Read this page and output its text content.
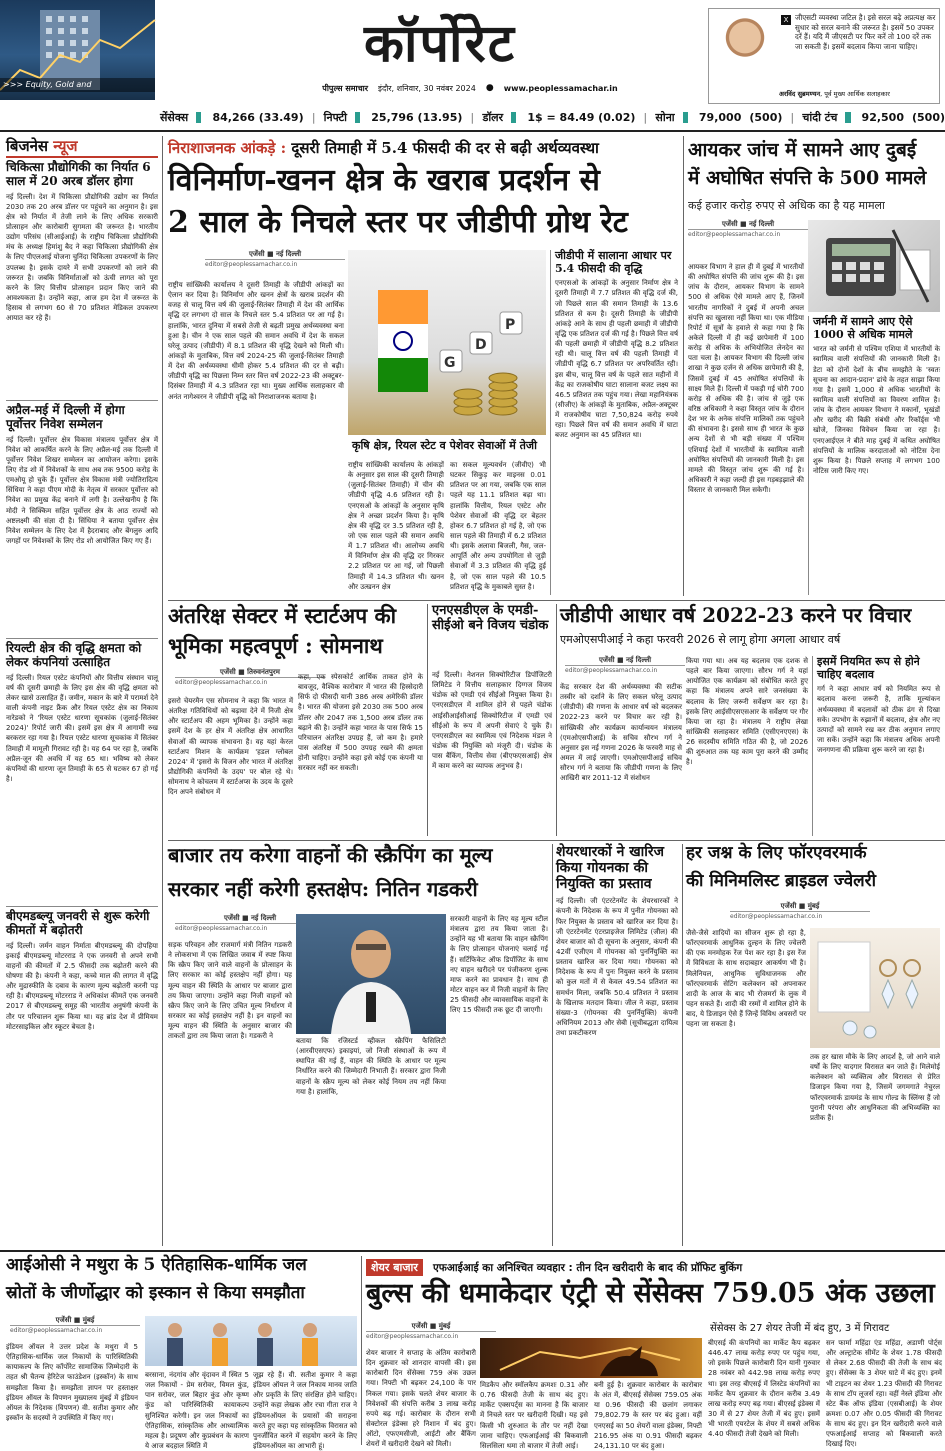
>>> Equity, Gold and
कॉर्पोरेट
पीपुल्स समाचार इंदौर, शनिवार, 30 नवंबर 2024 ● www.peoplessamachar.in
X जीएसटी व्यवस्था जटिल है। इसे सरल बढ़े अप्रत्यक्ष कर सुधार को सरल बनाने की जरूरत है। इसमें 50 उपकर दरें हैं। यदि मैं जीएसटी पर फिर करें तो 100 दरें तक जा सकती हैं। इसमें बदलाव किया जाना चाहिए।
अरविंद सुब्रमण्यन, पूर्व मुख्य आर्थिक सलाहकार
सेंसेक्स 84,266 (33.49) | निफ्टी 25,796 (13.95) | डॉलर 1$ = 84.49 (0.02) | सोना 79,000 (500) | चांदी टंच 92,500 (500)
बिजनेस न्यूज
चिकित्सा प्रौद्योगिकी का निर्यात 6 साल में 20 अरब डॉलर होगा
नई दिल्ली। देश में चिकित्सा प्रौद्योगिकी उद्योग का निर्यात 2030 तक 20 अरब डॉलर पर पहुंचने का अनुमान है। इस क्षेत्र को निर्यात में तेजी लाने के लिए अधिक सरकारी प्रोत्साहन और कारोबारी सुगमता की जरूरत है। भारतीय उद्योग परिसंघ (सीआईआई) के राष्ट्रीय चिकित्सा प्रौद्योगिकी मंच के अध्यक्ष हिमांशु बैद ने कहा चिकित्सा प्रौद्योगिकी क्षेत्र के लिए पीएलआई योजना चुनिंदा चिकित्सा उपकरणों के लिए उपलब्ध है। इसके दायरे में सभी उपकरणों को लाने की जरूरत है। जबकि विनिर्माताओं को ऊंची लागत को पूरा करने के लिए वित्तीय प्रोत्साहन प्रदान किए जाने की आवश्यकता है। उन्होंने कहा, आज हम देश में जरूरत के हिसाब से लगभग 60 से 70 प्रतिशत मेडिकल उपकरण आयात कर रहे हैं।
अप्रैल-मई में दिल्ली में होगा पूर्वोत्तर निवेश सम्मेलन
नई दिल्ली। पूर्वोत्तर क्षेत्र विकास मंत्रालय पूर्वोत्तर क्षेत्र में निवेश को आकर्षित करने के लिए अप्रैल-मई तक दिल्ली में पूर्वोत्तर निवेश शिखर सम्मेलन का आयोजन करेगा। इसके लिए रोड शो में निवेशकों के साथ अब तक 9500 करोड़ के एमओयू हो चुके हैं। पूर्वोत्तर क्षेत्र विकास मंत्री ज्योतिरादित्य सिंधिया ने कहा पीएम मोदी के नेतृत्व में सरकार पूर्वोत्तर को निवेश का प्रमुख केंद्र बनाने में लगी है। उल्लेखनीय है कि मोदी ने सिक्किम सहित पूर्वोत्तर क्षेत्र के आठ राज्यों को अष्टलक्ष्मी की संज्ञा दी है। सिंधिया ने बताया पूर्वोत्तर क्षेत्र निवेश सम्मेलन के लिए देश में हैदराबाद और बेंगलुरु आदि जगहों पर निवेशकों के लिए रोड शो आयोजित किए गए हैं।
रियल्टी क्षेत्र की वृद्धि क्षमता को लेकर कंपनियां उत्साहित
नई दिल्ली। रियल एस्टेट कंपनियों और वित्तीय संस्थान चालू वर्ष की दूसरी छमाही के लिए इस क्षेत्र की वृद्धि क्षमता को लेकर खासे उत्साहित हैं। जमीन, मकान के बारे में परामर्श देने वाली कंपनी नाइट फ्रैंक और रियल एस्टेट क्षेत्र का निकाय नारेडको ने 'रियल एस्टेट धारणा सूचकांक (जुलाई-सितंबर 2024)' रिपोर्ट जारी की। इसमें इस क्षेत्र में आगामी रुख बरकरार रहा गया है। रियल एस्टेट धारणा सूचकांक में सितंबर तिमाही में मामूली गिरावट रही है। यह 64 पर रहा है, जबकि अप्रैल-जून की अवधि में यह 65 था। भविष्य को लेकर कंपनियों की धारणा जून तिमाही के 65 से घटकर 67 हो गई है।
बीएमडब्ल्यू जनवरी से शुरू करेगी कीमतों में बढ़ोतरी
नई दिल्ली। जर्मन वाहन निर्माता बीएमडब्ल्यू की दोपहिया इकाई बीएमडब्ल्यू मोटरराड ने एक जनवरी से अपने सभी वाहनों की कीमतों में 2.5 फीसदी तक बढ़ोतरी करने की घोषणा की है। कंपनी ने कहा, कच्चे माल की लागत में वृद्धि और मुद्रास्फीति के दबाव के कारण मूल्य बढ़ोतरी करनी पड़ रही है। बीएमडब्ल्यू मोटरराड ने अधिकांश कीमतें एक जनवरी 2017 से बीएमडब्ल्यू समूह की भारतीय अनुषंगी कंपनी के तौर पर परिचालन शुरू किया था। यह ब्रांड देश में प्रीमियम मोटरसाइकिल और स्कूटर बेचता है।
निराशाजनक आंकड़े : दूसरी तिमाही में 5.4 फीसदी की दर से बढ़ी अर्थव्यवस्था
विनिर्माण-खनन क्षेत्र के खराब प्रदर्शन से
2 साल के निचले स्तर पर जीडीपी ग्रोथ रेट
एजेंसी ■ नई दिल्ली
editor@peoplessamachar.co.in
G
D
P
कृषि क्षेत्र, रियल स्टेट व पेशेवर सेवाओं में तेजी
जीडीपी में सालाना आधार पर 5.4 फीसदी की वृद्धि
एनएसओ के आंकड़ों के अनुसार निर्माण क्षेत्र ने दूसरी तिमाही में 7.7 प्रतिशत की वृद्धि दर्ज की, जो पिछले साल की समान तिमाही के 13.6 प्रतिशत से कम है। दूसरी तिमाही के जीडीपी आंकड़े आने के साथ ही पहली छमाही में जीडीपी वृद्धि एक प्रतिशत दर्ज की गई है। पिछले वित्त वर्ष की पहली छमाही में जीडीपी वृद्धि 8.2 प्रतिशत रही थी। चालू वित्त वर्ष की पहली तिमाही में जीडीपी वृद्धि 6.7 प्रतिशत पर अपरिवर्तित रही। इस बीच, चालू वित्त वर्ष के पहले सात महीनों में केंद्र का राजकोषीय घाटा सालाना बजट लक्ष्य का 46.5 प्रतिशत तक पहुंच गया। लेखा महानियंत्रक (सीजीए) के आंकड़ों के मुताबिक, अप्रैल-अक्टूबर में राजकोषीय घाटा 7,50,824 करोड़ रुपये रहा। पिछले वित्त वर्ष की समान अवधि में घाटा बजट अनुमान का 45 प्रतिशत था।
राष्ट्रीय सांख्यिकी कार्यालय ने दूसरी तिमाही के जीडीपी आंकड़ों का ऐलान कर दिया है। विनिर्माण और खनन क्षेत्रों के खराब प्रदर्शन की वजह से चालू वित्त वर्ष की जुलाई-सितंबर तिमाही में देश की आर्थिक वृद्धि दर लगभग दो साल के निचले स्तर 5.4 प्रतिशत पर आ गई है। हालांकि, भारत दुनिया में सबसे तेजी से बढ़ती प्रमुख अर्थव्यवस्था बना हुआ है। चीन ने एक साल पहले की समान अवधि में देश के सकल घरेलू उत्पाद (जीडीपी) में 8.1 प्रतिशत की वृद्धि देखने को मिली थी। आंकड़ों के मुताबिक, वित्त वर्ष 2024-25 की जुलाई-सितंबर तिमाही में देश की अर्थव्यवस्था धीमी होकर 5.4 प्रतिशत की दर से बढ़ी। जीडीपी वृद्धि का पिछला निम्न स्तर वित्त वर्ष 2022-23 की अक्टूबर-दिसंबर तिमाही में 4.3 प्रतिशत रहा था। मुख्य आर्थिक सलाहकार वी अनंत नागेश्वरन ने जीडीपी वृद्धि को निराशाजनक बताया है।
राष्ट्रीय सांख्यिकी कार्यालय के आंकड़ों के अनुसार इस साल की दूसरी तिमाही (जुलाई-सितंबर तिमाही) में चीन की जीडीपी वृद्धि 4.6 प्रतिशत रही है। एनएसओ के आंकड़ों के अनुसार कृषि क्षेत्र ने अच्छा प्रदर्शन किया है। कृषि क्षेत्र की वृद्धि दर 3.5 प्रतिशत रही है, जो एक साल पहले की समान अवधि में 1.7 प्रतिशत थी। आलोच्य अवधि में विनिर्माण क्षेत्र की वृद्धि दर गिरकर 2.2 प्रतिशत पर आ गई, जो पिछली तिमाही में 14.3 प्रतिशत थी। खनन और उत्खनन क्षेत्र
का सकल मूल्यवर्धन (जीवीए) भी घटकर सिकुड़ कर माइनस 0.01 प्रतिशत पर आ गया, जबकि एक साल पहले यह 11.1 प्रतिशत बढ़ा था। हालांकि वित्तीय, रियल एस्टेट और पेशेवर सेवाओं की वृद्धि दर बेहतर होकर 6.7 प्रतिशत हो गई है, जो एक साल पहले की तिमाही में 6.2 प्रतिशत थी। इसके अलावा बिजली, गैस, जल-आपूर्ति और अन्य उपयोगिता से जुड़ी सेवाओं में 3.3 प्रतिशत की वृद्धि हुई है, जो एक साल पहले की 10.5 प्रतिशत वृद्धि के मुकाबले सुस्त है।
आयकर जांच में सामने आए दुबई
में अघोषित संपत्ति के 500 मामले
कई हजार करोड़ रुपए से अधिक का है यह मामला
एजेंसी ■ नई दिल्ली
editor@peoplessamachar.co.in
आयकर विभाग ने हाल ही में दुबई में भारतीयों की अघोषित संपत्ति की जांच शुरू की है। इस जांच के दौरान, आयकर विभाग के सामने 500 से अधिक ऐसे मामले आए हैं, जिनमें भारतीय नागरिकों ने दुबई में अपनी अचल संपत्ति का खुलासा नहीं किया था। एक मीडिया रिपोर्ट में सूत्रों के हवाले से कहा गया है कि अकेले दिल्ली में ही कई छापेमारी में 100 करोड़ से अधिक के अभियोजित लेनदेन का पता चला है। आयकर विभाग की दिल्ली जांच शाखा ने कुछ दर्जन से अधिक छापेमारी की है, जिसमें दुबई में 45 अघोषित संपत्तियों के साक्ष्य मिले हैं। दिल्ली में पकड़ी गई चोरी 700 करोड़ से अधिक की है। जांच से जुड़े एक वरिष्ठ अधिकारी ने कहा विस्तृत जांच के दौरान देश भर के अनेक संपत्ति मालिकों तक पहुंचने की संभावना है। इससे साथ ही भारत के कुछ अन्य देशों से भी बड़ी संख्या में पश्चिम एशियाई देशों में भारतीयों के स्वामित्व वाली अघोषित संपत्तियों की जानकारी मिली है। इस मामले की विस्तृत जांच शुरू की गई है। अधिकारी ने कहा जल्दी ही इस गड़बड़झाले की विस्तार से जानकारी मिल सकेगी।
जर्मनी में सामने आए ऐसे 1000 से अधिक मामले
भारत को जर्मनी से पश्चिम एशिया में भारतीयों के स्वामित्व वाली संपत्तियों की जानकारी मिली है। डेटा को दोनों देशों के बीच समझौते के 'स्वतः सूचना का आदान-प्रदान' ढांचे के तहत साझा किया गया है। इसमें 1,000 से अधिक भारतीयों के स्वामित्व वाली संपत्तियों का विवरण शामिल है। जांच के दौरान आयकर विभाग ने मकानों, भूखंडों और खरीद की बिक्री संबंधी और रिकॉर्ड्स भी खोजे, जिनका विवेचन किया जा रहा है। एनएआईएल ने बीते माह दुबई में कथित अघोषित संपत्तियों के मालिक करदाताओं को नोटिस देना शुरू किया है। पिछले सप्ताह में लगभग 100 नोटिस जारी किए गए।
अंतरिक्ष सेक्टर में स्टार्टअप की
भूमिका महत्वपूर्ण : सोमनाथ
एजेंसी ■ तिरुवनंतपुरम
editor@peoplessamachar.co.in
इसरो चेयरमैन एस सोमनाथ ने कहा कि भारत में अंतरिक्ष गतिविधियों को बढ़ावा देने में निजी क्षेत्र और स्टार्टअप की अहम भूमिका है। उन्होंने कहा इसमें देश के हर क्षेत्र में अंतरिक्ष क्षेत्र आधारित सेवाओं की व्यापक संभावना है। वह यहां केरल स्टार्टअप मिशन के कार्यक्रम 'हडल ग्लोबल 2024' में 'इसरो के विजन और भारत में अंतरिक्ष प्रौद्योगिकी कंपनियों के उदय' पर बोल रहे थे। सोमनाथ ने कोचलम में स्टार्टअप्स के उदय के दूसरे दिन अपने संबोधन में
कहा, एक स्पेसकोर्ट आर्थिक ताकत होने के बावजूद, वैश्विक कारोबार में भारत की हिस्सेदारी सिर्फ दो फीसदी यानी 386 अरब अमेरिकी डॉलर है। भारत की योजना इसे 2030 तक 500 अरब डॉलर और 2047 तक 1,500 अरब डॉलर तक बढ़ाने की है। उन्होंने कहा भारत के पास सिर्फ 15 परिचालन अंतरिक्ष उपग्रह हैं, जो कम है। हमारे पास अंतरिक्ष में 500 उपग्रह रखने की क्षमता होनी चाहिए। उन्होंने कहा इसे कोई एक कंपनी या सरकार नहीं कर सकती।
एनएसडीएल के एमडी-सीईओ बने विजय चंडोक
नई दिल्ली। नेशनल सिक्योरिटीज डिपॉजिटरी लिमिटेड ने वित्तीय सलाहकार दिग्गज विजय चंडोक को एमडी एवं सीईओ नियुक्त किया है। एनएसडीएल में शामिल होने से पहले चंडोक आईसीआईसीआई सिक्योरिटीज में एमडी एवं सीईओ के रूप में अपनी सेवाएं दे चुके हैं। एनएसडीएल का स्वामित्व एवं निदेशक मंडल ने चंडोक की नियुक्ति को मंजूरी दी। चंडोक के पास बैंकिंग, वित्तीय सेवा (बीएफएसआई) क्षेत्र में काम करने का व्यापक अनुभव है।
जीडीपी आधार वर्ष 2022-23 करने पर विचार
एमओएसपीआई ने कहा फरवरी 2026 से लागू होगा अगला आधार वर्ष
एजेंसी ■ नई दिल्ली
editor@peoplessamachar.co.in
केंद्र सरकार देश की अर्थव्यवस्था की सटीक तस्वीर को दर्शाने के लिए सकल घरेलू उत्पाद (जीडीपी) की गणना के आधार वर्ष को बदलकर 2022-23 करने पर विचार कर रही है। सांख्यिकी और कार्यक्रम कार्यान्वयन मंत्रालय (एमओएसपीआई) के सचिव सौरभ गर्ग ने अनुसार इस नई गणना 2026 के फरवरी माह से अमल में लाई जाएगी। एमओएसपीआई सचिव सौरभ गर्ग ने बताया कि जीडीपी गणना के लिए आखिरी बार 2011-12 में संशोधन
किया गया था। अब यह बदलाव एक दशक से पहले बार किया जाएगा। सौरभ गर्ग ने यहां आयोजित एक कार्यक्रम को संबोधित करते हुए कहा कि मंत्रालय अपने सारे जनसंख्या के बदलाव के लिए जरूरी सर्वेक्षण कर रहा है। इसके लिए आईसीएसएसआर के सर्वेक्षण पर गौर किया जा रहा है। मंत्रालय ने राष्ट्रीय लेखा सांख्यिकी सलाहकार समिति (एसीएनएएस) के 26 सदस्यीय समिति गठित की है, जो 2026 की शुरुआत तक यह काम पूरा करने की उम्मीद है।
इसमें नियमित रूप से होने चाहिए बदलाव
गर्ग ने कहा आधार वर्ष को नियमित रूप से बदलाव करना जरूरी है, ताकि मूल्यांकन अर्थव्यवस्था में बदलावों को ठीक ढंग से दिखा सके। उपभोग के रुझानों में बदलाव, क्षेत्र और नए उत्पादों को सामने रख कर ठीक अनुमान लगाए जा सकें। उन्होंने कहा कि मंत्रालय अधिक अपनी जनगणना की प्रक्रिया शुरू करने जा रहा है।
बाजार तय करेगा वाहनों की स्क्रैपिंग का मूल्य
सरकार नहीं करेगी हस्तक्षेप: नितिन गडकरी
एजेंसी ■ नई दिल्ली
editor@peoplessamachar.co.in
सड़क परिवहन और राजमार्ग मंत्री नितिन गडकरी ने लोकसभा में एक लिखित जवाब में स्पष्ट किया कि स्क्रैप किए जाने वाले वाहनों के प्रोत्साहन के लिए सरकार का कोई हस्तक्षेप नहीं होगा। यह मूल्य वाहन की स्थिति के आधार पर बाजार द्वारा तय किया जाएगा। उन्होंने कहा निजी वाहनों को स्क्रैप किए जाने के लिए उचित मूल्य निर्धारण में सरकार का कोई हस्तक्षेप नहीं है। इन वाहनों का मूल्य वाहन की स्थिति के अनुसार बाजार की ताकतों द्वारा तय किया जाता है। गडकरी ने
बताया कि रजिस्टर्ड व्हीकल स्क्रैपिंग फैसिलिटी (आरवीएसएफ) इकाइयां, जो निजी संस्थाओं के रूप में स्थापित की गई हैं, वाहन की स्थिति के आधार पर मूल्य निर्धारित करने की जिम्मेदारी निभाती हैं। सरकार द्वारा निजी वाहनों के स्क्रैप मूल्य को लेकर कोई नियम तय नहीं किया गया है। हालांकि,
सरकारी वाहनों के लिए यह मूल्य स्टील मंत्रालय द्वारा तय किया जाता है। उन्होंने यह भी बताया कि वाहन स्क्रैपिंग के लिए प्रोत्साहन योजनाएं चलाई गई हैं। सर्टिफिकेट ऑफ डिपॉजिट के साथ नए वाहन खरीदने पर पंजीकरण शुल्क माफ करने का प्रावधान है। साथ ही मोटर वाहन कर में निजी वाहनों के लिए 25 फीसदी और व्यावसायिक वाहनों के लिए 15 फीसदी तक छूट दी जाएगी।
शेयरधारकों ने खारिज किया गोयनका की नियुक्ति का प्रस्ताव
नई दिल्ली। जी एंटरटेनमेंट के शेयरधारकों ने कंपनी के निदेशक के रूप में पुनीत गोयनका को फिर नियुक्त के प्रस्ताव को खारिज कर दिया है। जी एंटरटेनमेंट एंटरप्राइजेज लिमिटेड (जील) की शेयर बाजार को दी सूचना के अनुसार, कंपनी की 42वीं एजीएम में गोयनका को पुनर्नियुक्ति का प्रस्ताव खारिज कर दिया गया। गोयनका को निदेशक के रूप में पुनः नियुक्त करने के प्रस्ताव को कुल मतों में से केवल 49.54 प्रतिशत का समर्थन मिला, जबकि 50.4 प्रतिशत ने प्रस्ताव के खिलाफ मतदान किया। जील ने कहा, प्रस्ताव संख्या-3 (गोयनका की पुनर्नियुक्ति) कंपनी अधिनियम 2013 और सेबी (सूचीबद्धता दायित्व तथा प्रकटीकरण
हर जश्न के लिए फॉरएवरमार्क
की मिनिमलिस्ट ब्राइडल ज्वेलरी
एजेंसी ■ मुंबई
editor@peoplessamachar.co.in
जैसे-जैसे शादियों का सीजन शुरू हो रहा है, फॉरएवरमार्क आधुनिक दुल्हन के लिए ज्वेलरी की एक मनमोहक रेंज पेश कर रहा है। इस रेंज में विविधता के साथ सदाबहार आकर्षण भी है। मिलेनियल, आधुनिक सुविधाजनक और फॉरएवरमार्क सेटिंग कलेक्शन को अपनाकर शादी के आज के बाद भी रोजमर्रा के लुक में पहन सकते हैं। शादी की रस्मों में शामिल होने के बाद, ये डिजाइन ऐसे हैं जिन्हें विविध अवसरों पर पहना जा सकता है।
तक हर खास मौके के लिए आदर्श है, जो आने वाले वर्षों के लिए यादगार विरासत बन जाते हैं। मिलेमोई कलेक्शन को व्यक्तित्व और विरासत से प्रेरित डिजाइन किया गया है, जिसमें जगमगाते नेचुरल फॉरएवरमार्क डायमंड के साथ गोल्ड के स्लिंग्स हैं जो पुरानी परंपरा और आधुनिकता की अभिव्यक्ति का प्रतीक हैं।
आईओसी ने मथुरा के 5 ऐतिहासिक-धार्मिक जल
स्रोतों के जीर्णोद्धार को इस्कान से किया समझौता
एजेंसी ■ मुंबई
editor@peoplessamachar.co.in
इंडियन ऑयल ने उत्तर प्रदेश के मथुरा में 5 ऐतिहासिक-धार्मिक जल निकायों के पारिस्थितिकी कायाकल्प के लिए कॉर्पोरेट सामाजिक जिम्मेदारी के तहत श्री चैतन्य हेरिटेज फाउंडेशन (इस्कॉन) के साथ समझौता किया है। समझौता ज्ञापन पर हस्ताक्षर इंडियन ऑयल के विपणन मुख्यालय मुंबई में इंडियन ऑयल के निदेशक (विपणन) वी. सतीश कुमार और इस्कॉन के सदस्यों ने उपस्थिति में किए गए।
बरसाना, नंदगांव और वृंदावन में स्थित 5 जल निकायों - प्रेम सरोवर, विमल कुंड, पान सरोवर, जल बिहार कुंड और कृष्ण कुंड को पारिस्थितिकी कायाकल्प सुनिश्चित करेगी। इन जल निकायों का ऐतिहासिक, सांस्कृतिक और आध्यात्मिक महत्व है। प्रदूषण और कुप्रबंधन के कारण ये आज बदहाल स्थिति में
जूझ रहे हैं। वी. सतीश कुमार ने कहा इंडियन ऑयल ने जल निकाय मानव जाति और प्रकृति के लिए संरक्षित होने चाहिए। उन्होंने कहा लेखक और रचा गीता राज ने इंडियनऑयल के प्रयासों की सराहना करते हुए कहा यह सांस्कृतिक विरासत को पुनर्जीवित करने में सहयोग करने के लिए इंडियनऑयल का आभारी हूं।
शेयर बाजार एफआईआई का अनिश्चित व्यवहार : तीन दिन खरीदारी के बाद की प्रॉफिट बुकिंग
बुल्स की धमाकेदार एंट्री से सेंसेक्स 759.05 अंक उछला
सेंसेक्स के 27 शेयर तेजी में बंद हुए, 3 में गिरावट
एजेंसी ■ मुंबई
editor@peoplessamachar.co.in
शेयर बाजार ने सप्ताह के अंतिम कारोबारी दिन शुक्रवार को शानदार वापसी की। इस कारोबारी दिन सेंसेक्स 759 अंक उछल गया। निफ्टी भी बढ़कर 24,100 के पार निकल गया। इसके चलते शेयर बाजार के निवेशकों की संपत्ति करीब 3 लाख करोड़ रुपये बढ़ गई। कारोबार के दौरान सभी सेक्टोरल इंडेक्स हरे निशान में बंद हुए। ऑटो, एफएमसीजी, आईटी और बैंकिंग शेयरों में खरीदारी देखने को मिली।
मिडकैप और स्मॉलकैप क्रमशः 0.31 और 0.76 फीसदी तेजी के साथ बंद हुए। मार्केट एक्सपर्ट्स का मानना है कि बाजार में निचले स्तर पर खरीदारी दिखी। यह इसे किसी भी शुरुआत के तौर पर नहीं देखा जाना चाहिए। एफआईआई की बिकवाली सिलसिला थमा तो बाजार में तेजी आई।
बनी हुई है। शुक्रवार कारोबार के कारोबार के अंत में, बीएसई सेंसेक्स 759.05 अंक या 0.96 फीसदी की छलांग लगाकर 79,802.79 के स्तर पर बंद हुआ। वहीं एनएसई का 50 शेयरों वाला इंडेक्स, निफ्टी 216.95 अंक या 0.91 फीसदी बढ़कर 24,131.10 पर बंद हुआ।
बीएसई की कंपनियों का मार्केट कैप बढ़कर 446.47 लाख करोड़ रुपए पर पहुंच गया, जो इसके पिछले कारोबारी दिन यानी गुरुवार 28 नवंबर को 442.98 लाख करोड़ रुपए था। इस तरह बीएसई में लिस्टेड कंपनियों का मार्केट कैप शुक्रवार के दौरान करीब 3.49 लाख करोड़ रुपए बढ़ गया। बीएसई इंडेक्स में 30 में से 27 शेयर तेजी में बंद हुए। इसमें भी भारती एयरटेल के शेयर में सबसे अधिक 4.40 फीसदी तेजी देखने को मिली।
सन फार्मा महिंद्रा एंड महिंद्रा, अडाणी पोर्ट्स और अल्ट्राटेक सीमेंट के शेयर 1.78 फीसदी से लेकर 2.68 फीसदी की तेजी के साथ बंद हुए। सेंसेक्स के 3 शेयर घाटे में बंद हुए। इनमें भी टाइटन का शेयर 1.23 फीसदी की गिरावट के साथ टॉप लूजर्स रहा। वहीं नेस्ले इंडिया और स्टेट बैंक ऑफ इंडिया (एसबीआई) के शेयर क्रमशः 0.07 और 0.05 फीसदी की गिरावट के साथ बंद हुए। इन दिन खरीदारी करने वाले एफआईआई सप्ताह को बिकवाली करते दिखाई दिए।
